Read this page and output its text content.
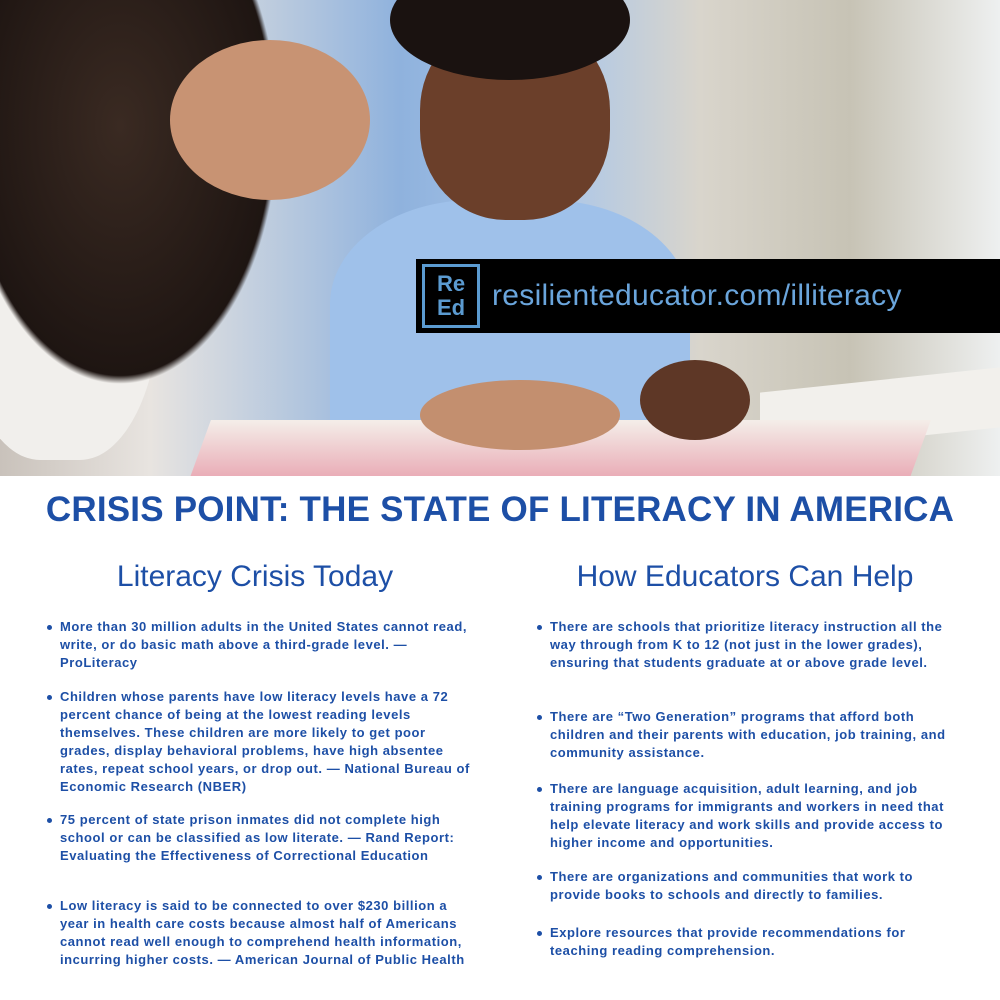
Re
Ed resilienteducator.com/illiteracy
CRISIS POINT: THE STATE OF LITERACY IN AMERICA
Literacy Crisis Today	How Educators Can Help
More than 30 million adults in the United States cannot read, write, or do basic math above a third-grade level. — ProLiteracy
Children whose parents have low literacy levels have a 72 percent chance of being at the lowest reading levels themselves. These children are more likely to get poor grades, display behavioral problems, have high absentee rates, repeat school years, or drop out. — National Bureau of Economic Research (NBER)
75 percent of state prison inmates did not complete high school or can be classified as low literate. — Rand Report: Evaluating the Effectiveness of Correctional Education
Low literacy is said to be connected to over $230 billion a year in health care costs because almost half of Americans cannot read well enough to comprehend health information, incurring higher costs. — American Journal of Public Health
There are schools that prioritize literacy instruction all the way through from K to 12 (not just in the lower grades), ensuring that students graduate at or above grade level.
There are “Two Generation” programs that afford both children and their parents with education, job training, and community assistance.
There are language acquisition, adult learning, and job training programs for immigrants and workers in need that help elevate literacy and work skills and provide access to higher income and opportunities.
There are organizations and communities that work to provide books to schools and directly to families.
Explore resources that provide recommendations for teaching reading comprehension.
